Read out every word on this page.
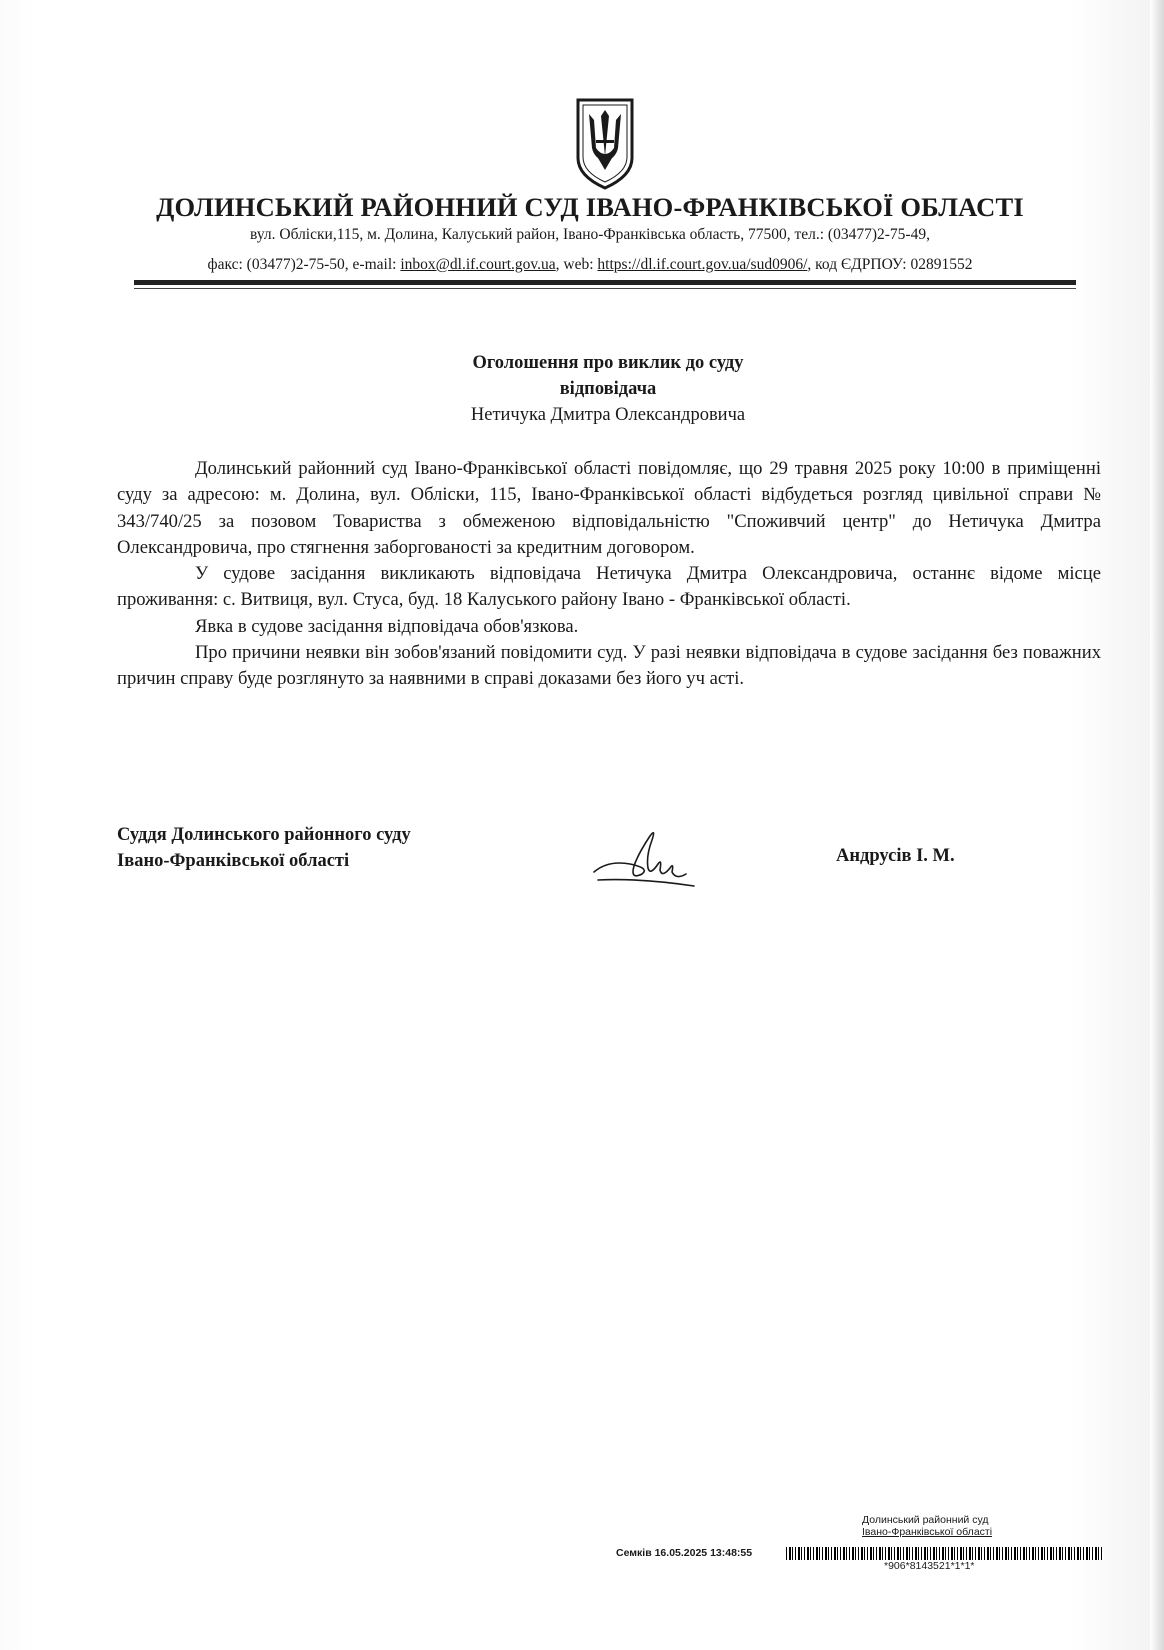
ДОЛИНСЬКИЙ РАЙОННИЙ СУД ІВАНО-ФРАНКІВСЬКОЇ ОБЛАСТІ
вул. Обліски,115, м. Долина, Калуський район, Івано-Франківська область, 77500, тел.: (03477)2-75-49,
факс: (03477)2-75-50, e-mail: inbox@dl.if.court.gov.ua, web: https://dl.if.court.gov.ua/sud0906/, код ЄДРПОУ: 02891552
Оголошення про виклик до суду
відповідача
Нетичука Дмитра Олександровича

Долинський районний суд Івано-Франківської області повідомляє, що 29 травня 2025 року 10:00 в приміщенні суду за адресою: м. Долина, вул. Обліски, 115, Івано-Франківської області відбудеться розгляд цивільної справи № 343/740/25 за позовом Товариства з обмеженою відповідальністю "Споживчий центр" до Нетичука Дмитра Олександровича, про стягнення заборгованості за кредитним договором.

У судове засідання викликають відповідача Нетичука Дмитра Олександровича, останнє відоме місце проживання: с. Витвиця, вул. Стуса, буд. 18 Калуського району Івано - Франківської області.

Явка в судове засідання відповідача обов'язкова.

Про причини неявки він зобов'язаний повідомити суд. У разі неявки відповідача в судове засідання без поважних причин справу буде розглянуто за наявними в справі доказами без його уч асті.

Суддя Долинського районного суду
Івано-Франківської області	Андрусів І. М.
Долинський районний суд
Івано-Франківської області
Семків 16.05.2025 13:48:55
*906*8143521*1*1*
